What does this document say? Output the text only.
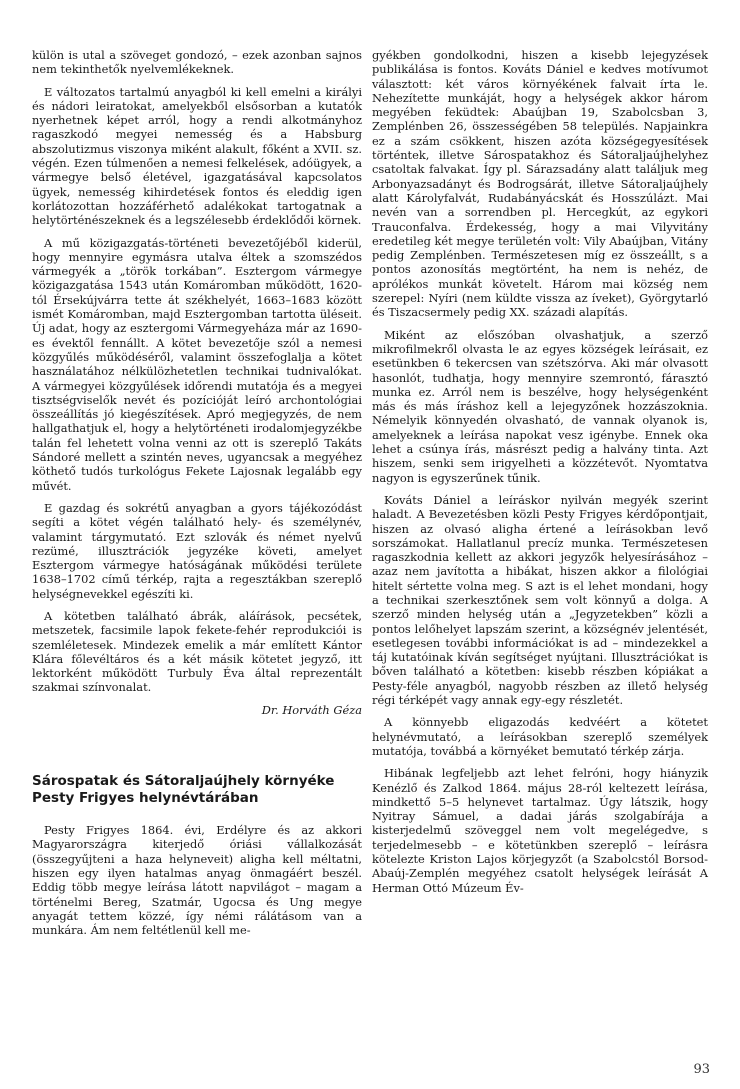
külön is utal a szöveget gondozó, – ezek azonban sajnos nem tekinthetők nyelvemlékeknek.

E változatos tartalmú anyagból ki kell emelni a királyi és nádori leiratokat, amelyekből elsősorban a kutatók nyerhetnek képet arról, hogy a rendi alkotmányhoz ragaszkodó megyei nemesség és a Habsburg abszolutizmus viszonya miként alakult, főként a XVII. sz. végén. Ezen túlmenően a nemesi felkelések, adóügyek, a vármegye belső életével, igazgatásával kapcsolatos ügyek, nemesség kihirdetések fontos és eleddig igen korlátozottan hozzáférhető adalékokat tartogatnak a helytörténészeknek és a legszélesebb érdeklődői körnek.

A mű közigazgatás-történeti bevezetőjéből kiderül, hogy mennyire egymásra utalva éltek a szomszédos vármegyék a „török torkában”. Esztergom vármegye közigazgatása 1543 után Komáromban működött, 1620-tól Érsekújvárra tette át székhelyét, 1663–1683 között ismét Komáromban, majd Esztergomban tartotta üléseit. Új adat, hogy az esztergomi Vármegyeháza már az 1690-es évektől fennállt. A kötet bevezetője szól a nemesi közgyűlés működéséről, valamint összefoglalja a kötet használatához nélkülözhetetlen technikai tudnivalókat. A vármegyei közgyűlések időrendi mutatója és a megyei tisztségviselők nevét és pozícióját leíró archontológiai összeállítás jó kiegészítések. Apró megjegyzés, de nem hallgathatjuk el, hogy a helytörténeti irodalomjegyzékbe talán fel lehetett volna venni az ott is szereplő Takáts Sándoré mellett a szintén neves, ugyancsak a megyéhez köthető tudós turkológus Fekete Lajosnak legalább egy művét.

E gazdag és sokrétű anyagban a gyors tájékozódást segíti a kötet végén található hely- és személynév, valamint tárgymutató. Ezt szlovák és német nyelvű rezümé, illusztrációk jegyzéke követi, amelyet Esztergom vármegye hatóságának működési területe 1638–1702 című térkép, rajta a regesztákban szereplő helységnevekkel egészíti ki.

A kötetben található ábrák, aláírások, pecsétek, metszetek, facsimile lapok fekete-fehér reprodukciói is szemléletesek. Mindezek emelik a már említett Kántor Klára főlevéltáros és a két másik kötetet jegyző, itt lektorként működött Turbuly Éva által reprezentált szakmai színvonalat.

Dr. Horváth Géza
Sárospatak és Sátoraljaújhely környéke Pesty Frigyes helynévtárában

Pesty Frigyes 1864. évi, Erdélyre és az akkori Magyarországra kiterjedő óriási vállalkozását (összegyűjteni a haza helyneveit) aligha kell méltatni, hiszen egy ilyen hatalmas anyag önmagáért beszél. Eddig több megye leírása látott napvilágot – magam a történelmi Bereg, Szatmár, Ugocsa és Ung megye anyagát tettem közzé, így némi rálátásom van a munkára. Ám nem feltétlenül kell me-

gyékben gondolkodni, hiszen a kisebb lejegyzések publikálása is fontos. Kováts Dániel e kedves motívumot választott: két város környékének falvait írta le. Nehezítette munkáját, hogy a helységek akkor három megyében feküdtek: Abaújban 19, Szabolcsban 3, Zemplénben 26, összességében 58 település. Napjainkra ez a szám csökkent, hiszen azóta községegyesítések történtek, illetve Sárospatakhoz és Sátoraljaújhelyhez csatoltak falvakat. Így pl. Sárazsadány alatt találjuk meg Arbonyazsadányt és Bodrogsárát, illetve Sátoraljaújhely alatt Károlyfalvát, Rudabányácskát és Hosszúlázt. Mai nevén van a sorrendben pl. Hercegkút, az egykori Trauconfalva. Érdekesség, hogy a mai Vilyvitány eredetileg két megye területén volt: Vily Abaújban, Vitány pedig Zemplénben. Természetesen míg ez összeállt, s a pontos azonosítás megtörtént, ha nem is nehéz, de aprólékos munkát követelt. Három mai község nem szerepel: Nyíri (nem küldte vissza az íveket), Györgytarló és Tiszacsermely pedig XX. századi alapítás.

Miként az előszóban olvashatjuk, a szerző mikrofilmekről olvasta le az egyes községek leírásait, ez esetünkben 6 tekercsen van szétszórva. Aki már olvasott hasonlót, tudhatja, hogy mennyire szemrontó, fárasztó munka ez. Arról nem is beszélve, hogy helységenként más és más íráshoz kell a lejegyzőnek hozzászoknia. Némelyik könnyedén olvasható, de vannak olyanok is, amelyeknek a leírása napokat vesz igénybe. Ennek oka lehet a csúnya írás, másrészt pedig a halvány tinta. Azt hiszem, senki sem irigyelheti a közzétevőt. Nyomtatva nagyon is egyszerűnek tűnik.

Kováts Dániel a leíráskor nyilván megyék szerint haladt. A Bevezetésben közli Pesty Frigyes kérdőpontjait, hiszen az olvasó aligha értené a leírásokban levő sorszámokat. Hallatlanul precíz munka. Természetesen ragaszkodnia kellett az akkori jegyzők helyesírásához – azaz nem javította a hibákat, hiszen akkor a filológiai hitelt sértette volna meg. S azt is el lehet mondani, hogy a technikai szerkesztőnek sem volt könnyű a dolga. A szerző minden helység után a „Jegyzetekben” közli a pontos lelőhelyet lapszám szerint, a községnév jelentését, esetlegesen további információkat is ad – mindezekkel a táj kutatóinak kíván segítséget nyújtani. Illusztrációkat is bőven található a kötetben: kisebb részben kópiákat a Pesty-féle anyagból, nagyobb részben az illető helység régi térképét vagy annak egy-egy részletét.

A könnyebb eligazodás kedvéért a kötetet helynévmutató, a leírásokban szereplő személyek mutatója, továbbá a környéket bemutató térkép zárja.

Hibának legfeljebb azt lehet felróni, hogy hiányzik Kenézlő és Zalkod 1864. május 28-ról keltezett leírása, mindkettő 5–5 helynevet tartalmaz. Úgy látszik, hogy Nyitray Sámuel, a dadai járás szolgabírája a kisterjedelmű szöveggel nem volt megelégedve, s terjedelmesebb – e kötetünkben szereplő – leírásra kötelezte Kriston Lajos körjegyzőt (a Szabolcstól Borsod-Abaúj-Zemplén megyéhez csatolt helységek leírását A Herman Ottó Múzeum Év-

93
